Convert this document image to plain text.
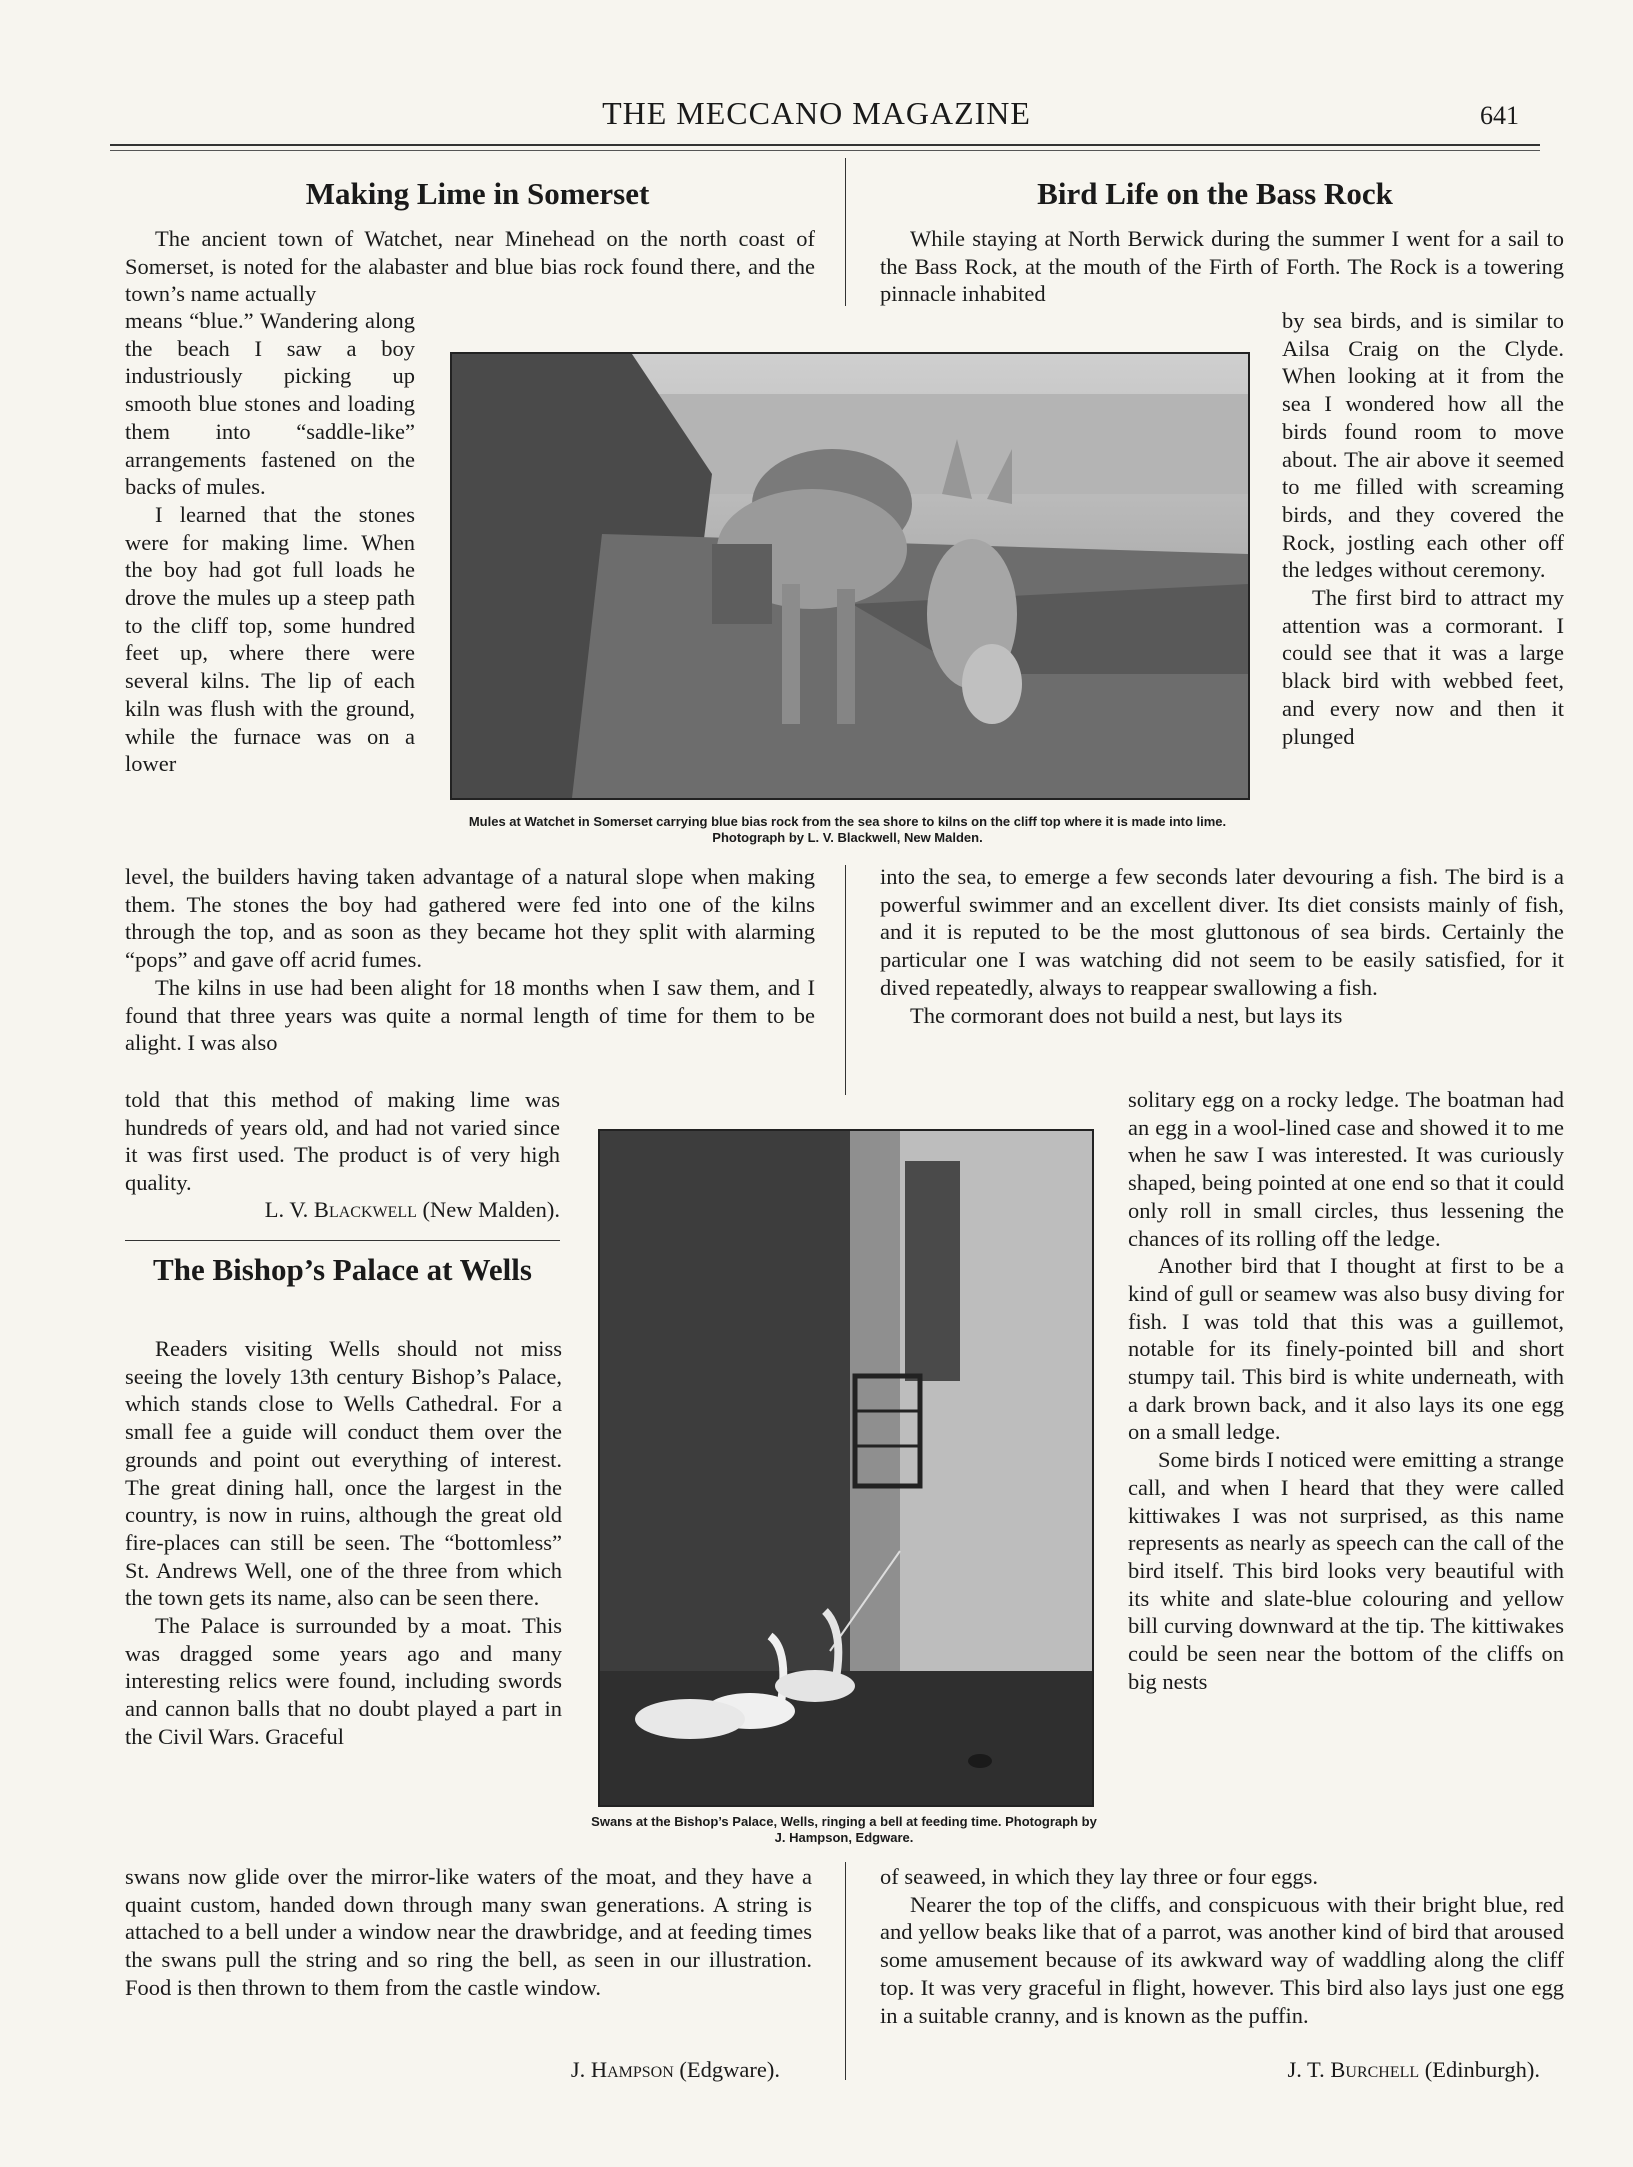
THE MECCANO MAGAZINE	641
Making Lime in Somerset

The ancient town of Watchet, near Minehead on the north coast of Somerset, is noted for the alabaster and blue bias rock found there, and the town’s name actually

means “blue.” Wandering along the beach I saw a boy industriously picking up smooth blue stones and loading them into “saddle-like” arrangements fastened on the backs of mules.

I learned that the stones were for making lime. When the boy had got full loads he drove the mules up a steep path to the cliff top, some hundred feet up, where there were several kilns. The lip of each kiln was flush with the ground, while the furnace was on a lower

Mules at Watchet in Somerset carrying blue bias rock from the sea shore to kilns on the cliff top where it is made into lime. Photograph by L. V. Blackwell, New Malden.

level, the builders having taken advantage of a natural slope when making them. The stones the boy had gathered were fed into one of the kilns through the top, and as soon as they became hot they split with alarming “pops” and gave off acrid fumes.

The kilns in use had been alight for 18 months when I saw them, and I found that three years was quite a normal length of time for them to be alight. I was also

told that this method of making lime was hundreds of years old, and had not varied since it was first used. The product is of very high quality.

L. V. Blackwell (New Malden).
The Bishop’s Palace at Wells

Readers visiting Wells should not miss seeing the lovely 13th century Bishop’s Palace, which stands close to Wells Cathedral. For a small fee a guide will conduct them over the grounds and point out everything of interest. The great dining hall, once the largest in the country, is now in ruins, although the great old fire-places can still be seen. The “bottomless” St. Andrews Well, one of the three from which the town gets its name, also can be seen there.

The Palace is surrounded by a moat. This was dragged some years ago and many interesting relics were found, including swords and cannon balls that no doubt played a part in the Civil Wars. Graceful

Swans at the Bishop’s Palace, Wells, ringing a bell at feeding time. Photograph by J. Hampson, Edgware.

swans now glide over the mirror-like waters of the moat, and they have a quaint custom, handed down through many swan generations. A string is attached to a bell under a window near the drawbridge, and at feeding times the swans pull the string and so ring the bell, as seen in our illustration. Food is then thrown to them from the castle window.

J. Hampson (Edgware).
Bird Life on the Bass Rock

While staying at North Berwick during the summer I went for a sail to the Bass Rock, at the mouth of the Firth of Forth. The Rock is a towering pinnacle inhabited

by sea birds, and is similar to Ailsa Craig on the Clyde. When looking at it from the sea I wondered how all the birds found room to move about. The air above it seemed to me filled with screaming birds, and they covered the Rock, jostling each other off the ledges without ceremony.

The first bird to attract my attention was a cormorant. I could see that it was a large black bird with webbed feet, and every now and then it plunged

into the sea, to emerge a few seconds later devouring a fish. The bird is a powerful swimmer and an excellent diver. Its diet consists mainly of fish, and it is reputed to be the most gluttonous of sea birds. Certainly the particular one I was watching did not seem to be easily satisfied, for it dived repeatedly, always to reappear swallowing a fish.

The cormorant does not build a nest, but lays its

solitary egg on a rocky ledge. The boatman had an egg in a wool-lined case and showed it to me when he saw I was interested. It was curiously shaped, being pointed at one end so that it could only roll in small circles, thus lessening the chances of its rolling off the ledge.

Another bird that I thought at first to be a kind of gull or seamew was also busy diving for fish. I was told that this was a guillemot, notable for its finely-pointed bill and short stumpy tail. This bird is white underneath, with a dark brown back, and it also lays its one egg on a small ledge.

Some birds I noticed were emitting a strange call, and when I heard that they were called kittiwakes I was not surprised, as this name represents as nearly as speech can the call of the bird itself. This bird looks very beautiful with its white and slate-blue colouring and yellow bill curving downward at the tip. The kittiwakes could be seen near the bottom of the cliffs on big nests

of seaweed, in which they lay three or four eggs.

Nearer the top of the cliffs, and conspicuous with their bright blue, red and yellow beaks like that of a parrot, was another kind of bird that aroused some amusement because of its awkward way of waddling along the cliff top. It was very graceful in flight, however. This bird also lays just one egg in a suitable cranny, and is known as the puffin.

J. T. Burchell (Edinburgh).
